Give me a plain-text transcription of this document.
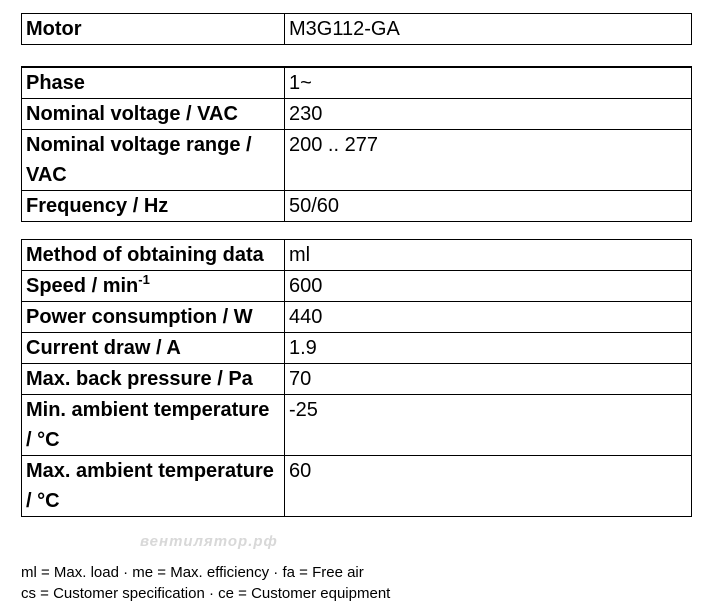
Motor	M3G112-GA
Phase	1~
Nominal voltage / VAC	230
Nominal voltage range / VAC	200 .. 277
Frequency / Hz	50/60
Method of obtaining data	ml
Speed / $\min^{-1}$	600
Power consumption / W	440
Current draw / A	1.9
Max. back pressure / Pa	70
Min. ambient temperature / °C	-25
Max. ambient temperature / °C	60
вентилятор.рф
ml = Max. load · me = Max. efficiency · fa = Free air
cs = Customer specification · ce = Customer equipment
